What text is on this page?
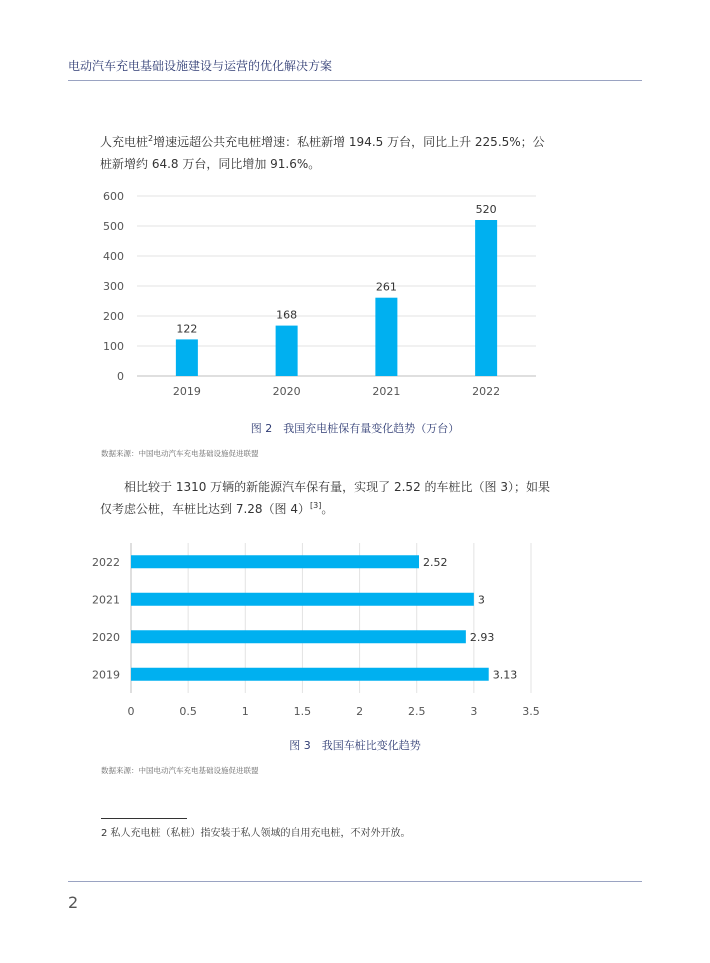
电动汽车充电基础设施建设与运营的优化解决方案
人充电桩$^2$增速远超公共充电桩增速：私桩新增 194.5 万台，同比上升 225.5%；公桩新增约 64.8 万台，同比增加 91.6%。
0
100
200
300
400
500
600
122
2019
168
2020
261
2021
520
2022
图 2　我国充电桩保有量变化趋势（万台）
数据来源：中国电动汽车充电基础设施促进联盟
相比较于 1310 万辆的新能源汽车保有量，实现了 2.52 的车桩比（图 3）；如果仅考虑公桩，车桩比达到 7.28（图 4）[3]。
0	0.5	1	1.5	2	2.5	3	3.5
2.52
2022
3
2021
2.93
2020
3.13
2019
图 3　我国车桩比变化趋势
数据来源：中国电动汽车充电基础设施促进联盟
2 私人充电桩（私桩）指安装于私人领域的自用充电桩，不对外开放。
2
